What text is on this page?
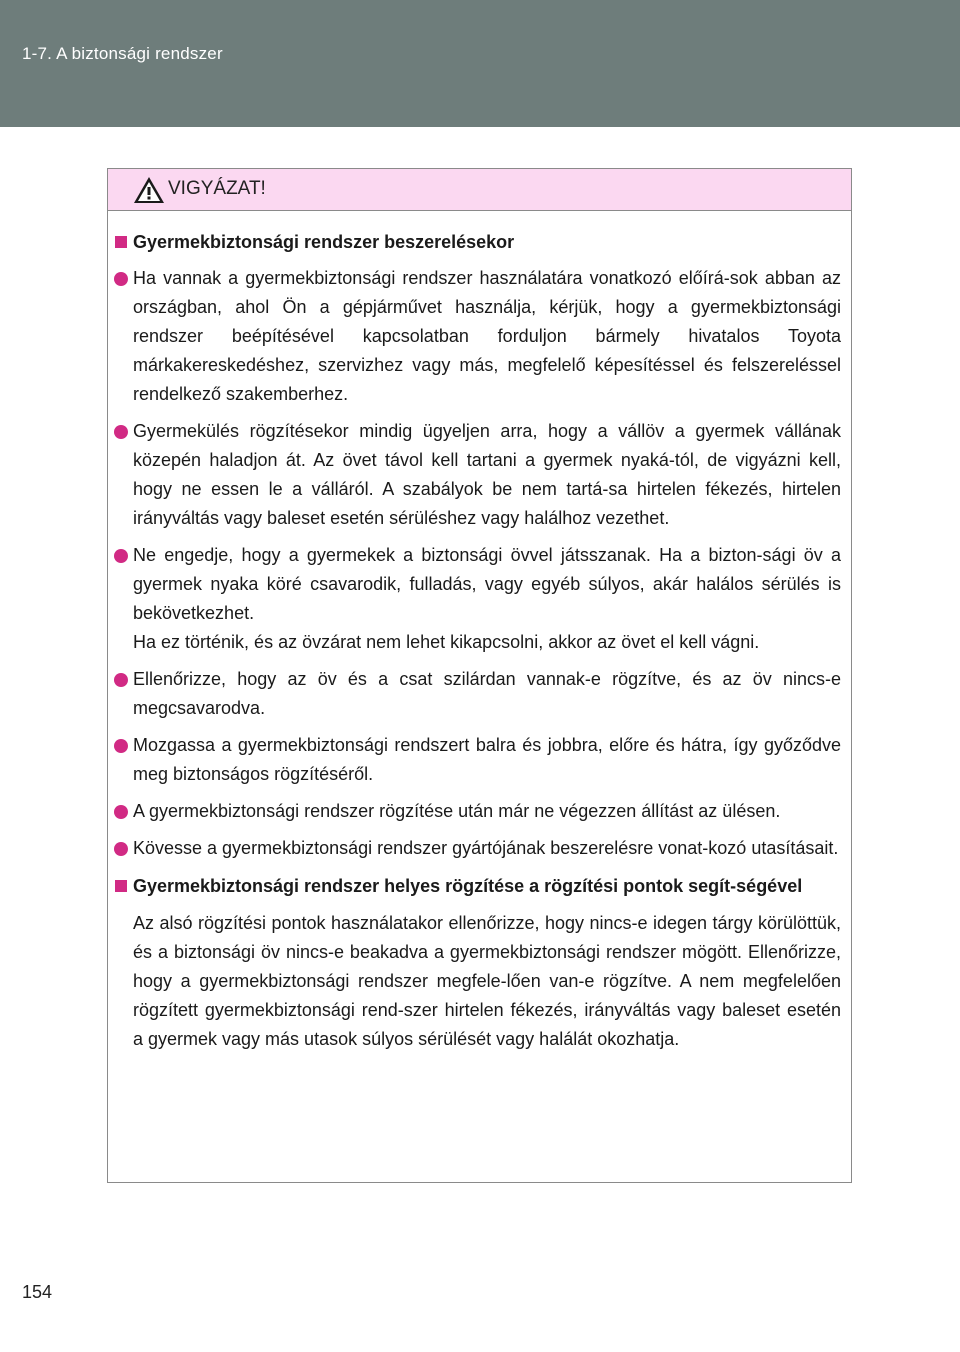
1-7. A biztonsági rendszer
VIGYÁZAT!
Gyermekbiztonsági rendszer beszerelésekor
Ha vannak a gyermekbiztonsági rendszer használatára vonatkozó előírá-sok abban az országban, ahol Ön a gépjárművet használja, kérjük, hogy a gyermekbiztonsági rendszer beépítésével kapcsolatban forduljon bármely hivatalos Toyota márkakereskedéshez, szervizhez vagy más, megfelelő képesítéssel és felszereléssel rendelkező szakemberhez.
Gyermekülés rögzítésekor mindig ügyeljen arra, hogy a vállöv a gyermek vállának közepén haladjon át. Az övet távol kell tartani a gyermek nyaká-tól, de vigyázni kell, hogy ne essen le a válláról. A szabályok be nem tartá-sa hirtelen fékezés, hirtelen irányváltás vagy baleset esetén sérüléshez vagy halálhoz vezethet.
Ne engedje, hogy a gyermekek a biztonsági övvel játsszanak. Ha a bizton-sági öv a gyermek nyaka köré csavarodik, fulladás, vagy egyéb súlyos, akár halálos sérülés is bekövetkezhet.
Ha ez történik, és az övzárat nem lehet kikapcsolni, akkor az övet el kell vágni.
Ellenőrizze, hogy az öv és a csat szilárdan vannak-e rögzítve, és az öv nincs-e megcsavarodva.
Mozgassa a gyermekbiztonsági rendszert balra és jobbra, előre és hátra, így győződve meg biztonságos rögzítéséről.
A gyermekbiztonsági rendszer rögzítése után már ne végezzen állítást az ülésen.
Kövesse a gyermekbiztonsági rendszer gyártójának beszerelésre vonat-kozó utasításait.
Gyermekbiztonsági rendszer helyes rögzítése a rögzítési pontok segít-ségével
Az alsó rögzítési pontok használatakor ellenőrizze, hogy nincs-e idegen tárgy körülöttük, és a biztonsági öv nincs-e beakadva a gyermekbiztonsági rendszer mögött. Ellenőrizze, hogy a gyermekbiztonsági rendszer megfele-lően van-e rögzítve. A nem megfelelően rögzített gyermekbiztonsági rend-szer hirtelen fékezés, irányváltás vagy baleset esetén a gyermek vagy más utasok súlyos sérülését vagy halálát okozhatja.
154
